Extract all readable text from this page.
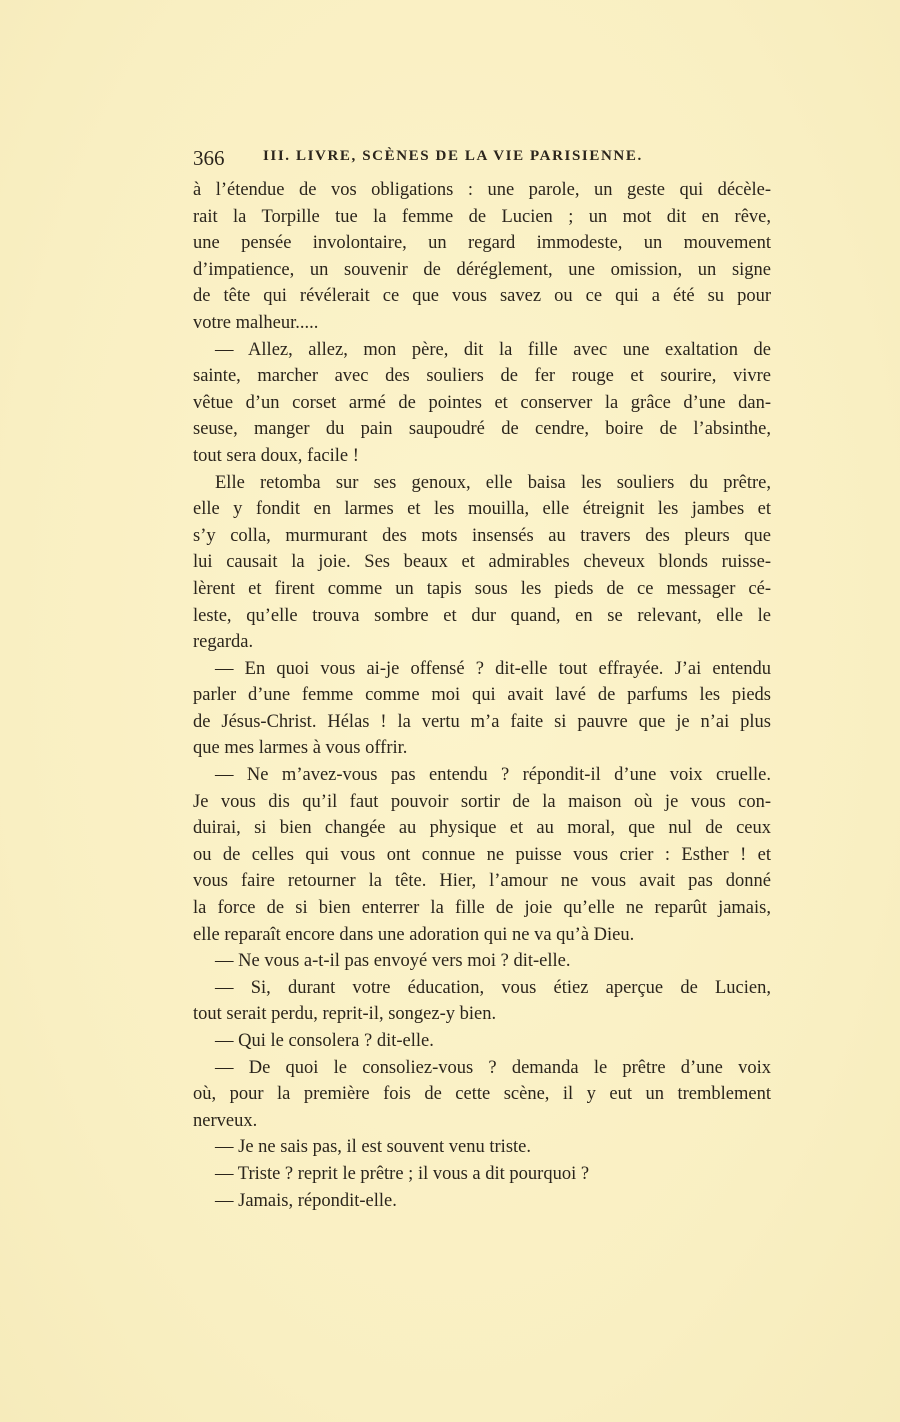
366	III. LIVRE, SCÈNES DE LA VIE PARISIENNE.
à l’étendue de vos obligations : une parole, un geste qui décèle-
rait la Torpille tue la femme de Lucien ; un mot dit en rêve,
une pensée involontaire, un regard immodeste, un mouvement
d’impatience, un souvenir de déréglement, une omission, un signe
de tête qui révélerait ce que vous savez ou ce qui a été su pour
votre malheur.....
— Allez, allez, mon père, dit la fille avec une exaltation de
sainte, marcher avec des souliers de fer rouge et sourire, vivre
vêtue d’un corset armé de pointes et conserver la grâce d’une dan-
seuse, manger du pain saupoudré de cendre, boire de l’absinthe,
tout sera doux, facile !
Elle retomba sur ses genoux, elle baisa les souliers du prêtre,
elle y fondit en larmes et les mouilla, elle étreignit les jambes et
s’y colla, murmurant des mots insensés au travers des pleurs que
lui causait la joie. Ses beaux et admirables cheveux blonds ruisse-
lèrent et firent comme un tapis sous les pieds de ce messager cé-
leste, qu’elle trouva sombre et dur quand, en se relevant, elle le
regarda.
— En quoi vous ai-je offensé ? dit-elle tout effrayée. J’ai entendu
parler d’une femme comme moi qui avait lavé de parfums les pieds
de Jésus-Christ. Hélas ! la vertu m’a faite si pauvre que je n’ai plus
que mes larmes à vous offrir.
— Ne m’avez-vous pas entendu ? répondit-il d’une voix cruelle.
Je vous dis qu’il faut pouvoir sortir de la maison où je vous con-
duirai, si bien changée au physique et au moral, que nul de ceux
ou de celles qui vous ont connue ne puisse vous crier : Esther ! et
vous faire retourner la tête. Hier, l’amour ne vous avait pas donné
la force de si bien enterrer la fille de joie qu’elle ne reparût jamais,
elle reparaît encore dans une adoration qui ne va qu’à Dieu.
— Ne vous a-t-il pas envoyé vers moi ? dit-elle.
— Si, durant votre éducation, vous étiez aperçue de Lucien,
tout serait perdu, reprit-il, songez-y bien.
— Qui le consolera ? dit-elle.
— De quoi le consoliez-vous ? demanda le prêtre d’une voix
où, pour la première fois de cette scène, il y eut un tremblement
nerveux.
— Je ne sais pas, il est souvent venu triste.
— Triste ? reprit le prêtre ; il vous a dit pourquoi ?
— Jamais, répondit-elle.
